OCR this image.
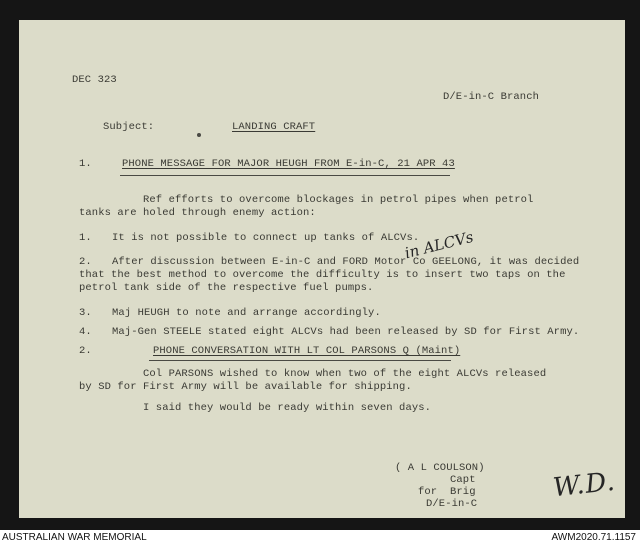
DEC 323
D/E-in-C Branch
Subject:	LANDING CRAFT
1.	PHONE MESSAGE FOR MAJOR HEUGH FROM E-in-C, 21 APR 43
Ref efforts to overcome blockages in petrol pipes when petrol
tanks are holed through enemy action:
1. It is not possible to connect up tanks of ALCVs.
in ALCVs
2. After discussion between E-in-C and FORD Motor Co GEELONG, it was decided
that the best method to overcome the difficulty is to insert two taps on the
petrol tank side of the respective fuel pumps.
3. Maj HEUGH to note and arrange accordingly.
4. Maj-Gen STEELE stated eight ALCVs had been released by SD for First Army.
2.	PHONE CONVERSATION WITH LT COL PARSONS Q (Maint)
Col PARSONS wished to know when two of the eight ALCVs released
by SD for First Army will be available for shipping.
I said they would be ready within seven days.
( A L COULSON)
Capt
for  Brig
D/E-in-C
W.D.
AUSTRALIAN WAR MEMORIAL	AWM2020.71.1157
